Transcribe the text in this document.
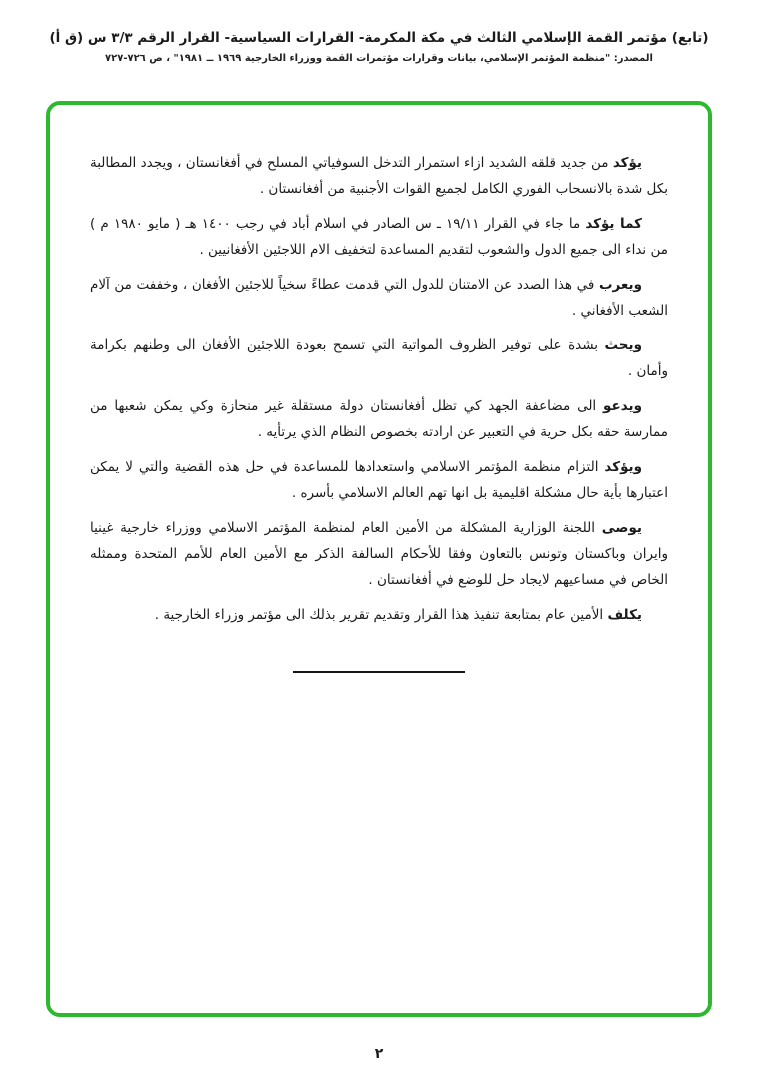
(تابع) مؤتمر القمة الإسلامي الثالث في مكة المكرمة- القرارات السياسية- القرار الرقم ٣/٣ س (ق أ)
المصدر: "منظمة المؤتمر الإسلامي، بيانات وقرارات مؤتمرات القمة ووزراء الخارجية ١٩٦٩ ــ ١٩٨١" ، ص ٧٢٦-٧٢٧

يؤكد من جديد قلقه الشديد ازاء استمرار التدخل السوفياتي المسلح في أفغانستان ، ويجدد المطالبة بكل شدة بالانسحاب الفوري الكامل لجميع القوات الأجنبية من أفغانستان .

كما يؤكد ما جاء في القرار ١٩/١١ ـ س الصادر في اسلام أباد في رجب ١٤٠٠ هـ ( مايو ١٩٨٠ م ) من نداء الى جميع الدول والشعوب لتقديم المساعدة لتخفيف الام اللاجئين الأفغانيين .

ويعرب في هذا الصدد عن الامتنان للدول التي قدمت عطاءً سخياً للاجئين الأفغان ، وخففت من آلام الشعب الأفغاني .

ويحث بشدة على توفير الظروف المواتية التي تسمح بعودة اللاجئين الأفغان الى وطنهم بكرامة وأمان .

ويدعو الى مضاعفة الجهد كي تظل أفغانستان دولة مستقلة غير منحازة وكي يمكن شعبها من ممارسة حقه بكل حرية في التعبير عن ارادته بخصوص النظام الذي يرتأيه .

ويؤكد التزام منظمة المؤتمر الاسلامي واستعدادها للمساعدة في حل هذه القضية والتي لا يمكن اعتبارها بأية حال مشكلة اقليمية بل انها تهم العالم الاسلامي بأسره .

يوصى اللجنة الوزارية المشكلة من الأمين العام لمنظمة المؤتمر الاسلامي ووزراء خارجية غينيا وايران وباكستان وتونس بالتعاون وفقا للأحكام السالفة الذكر مع الأمين العام للأمم المتحدة وممثله الخاص في مساعيهم لايجاد حل للوضع في أفغانستان .

يكلف الأمين عام بمتابعة تنفيذ هذا القرار وتقديم تقرير بذلك الى مؤتمر وزراء الخارجية .

٢
